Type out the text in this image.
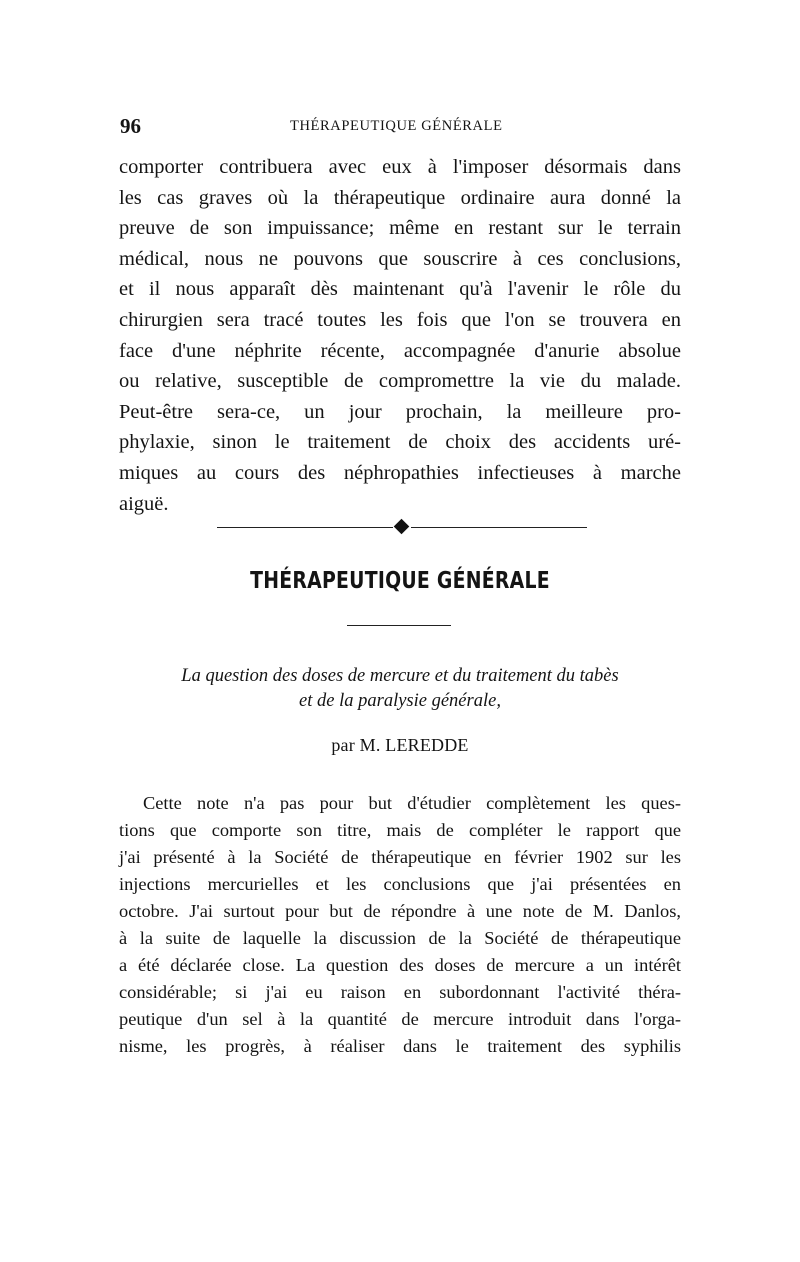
96	THÉRAPEUTIQUE GÉNÉRALE
comporter contribuera avec eux à l'imposer désormais dans
les cas graves où la thérapeutique ordinaire aura donné la
preuve de son impuissance; même en restant sur le terrain
médical, nous ne pouvons que souscrire à ces conclusions,
et il nous apparaît dès maintenant qu'à l'avenir le rôle du
chirurgien sera tracé toutes les fois que l'on se trouvera en
face d'une néphrite récente, accompagnée d'anurie absolue
ou relative, susceptible de compromettre la vie du malade.
Peut-être sera-ce, un jour prochain, la meilleure pro-
phylaxie, sinon le traitement de choix des accidents uré-
miques au cours des néphropathies infectieuses à marche
aiguë.
THÉRAPEUTIQUE GÉNÉRALE
La question des doses de mercure et du traitement du tabès
et de la paralysie générale,
par M. LEREDDE
Cette note n'a pas pour but d'étudier complètement les ques-
tions que comporte son titre, mais de compléter le rapport que
j'ai présenté à la Société de thérapeutique en février 1902 sur les
injections mercurielles et les conclusions que j'ai présentées en
octobre. J'ai surtout pour but de répondre à une note de M. Danlos,
à la suite de laquelle la discussion de la Société de thérapeutique
a été déclarée close. La question des doses de mercure a un intérêt
considérable; si j'ai eu raison en subordonnant l'activité théra-
peutique d'un sel à la quantité de mercure introduit dans l'orga-
nisme, les progrès, à réaliser dans le traitement des syphilis
